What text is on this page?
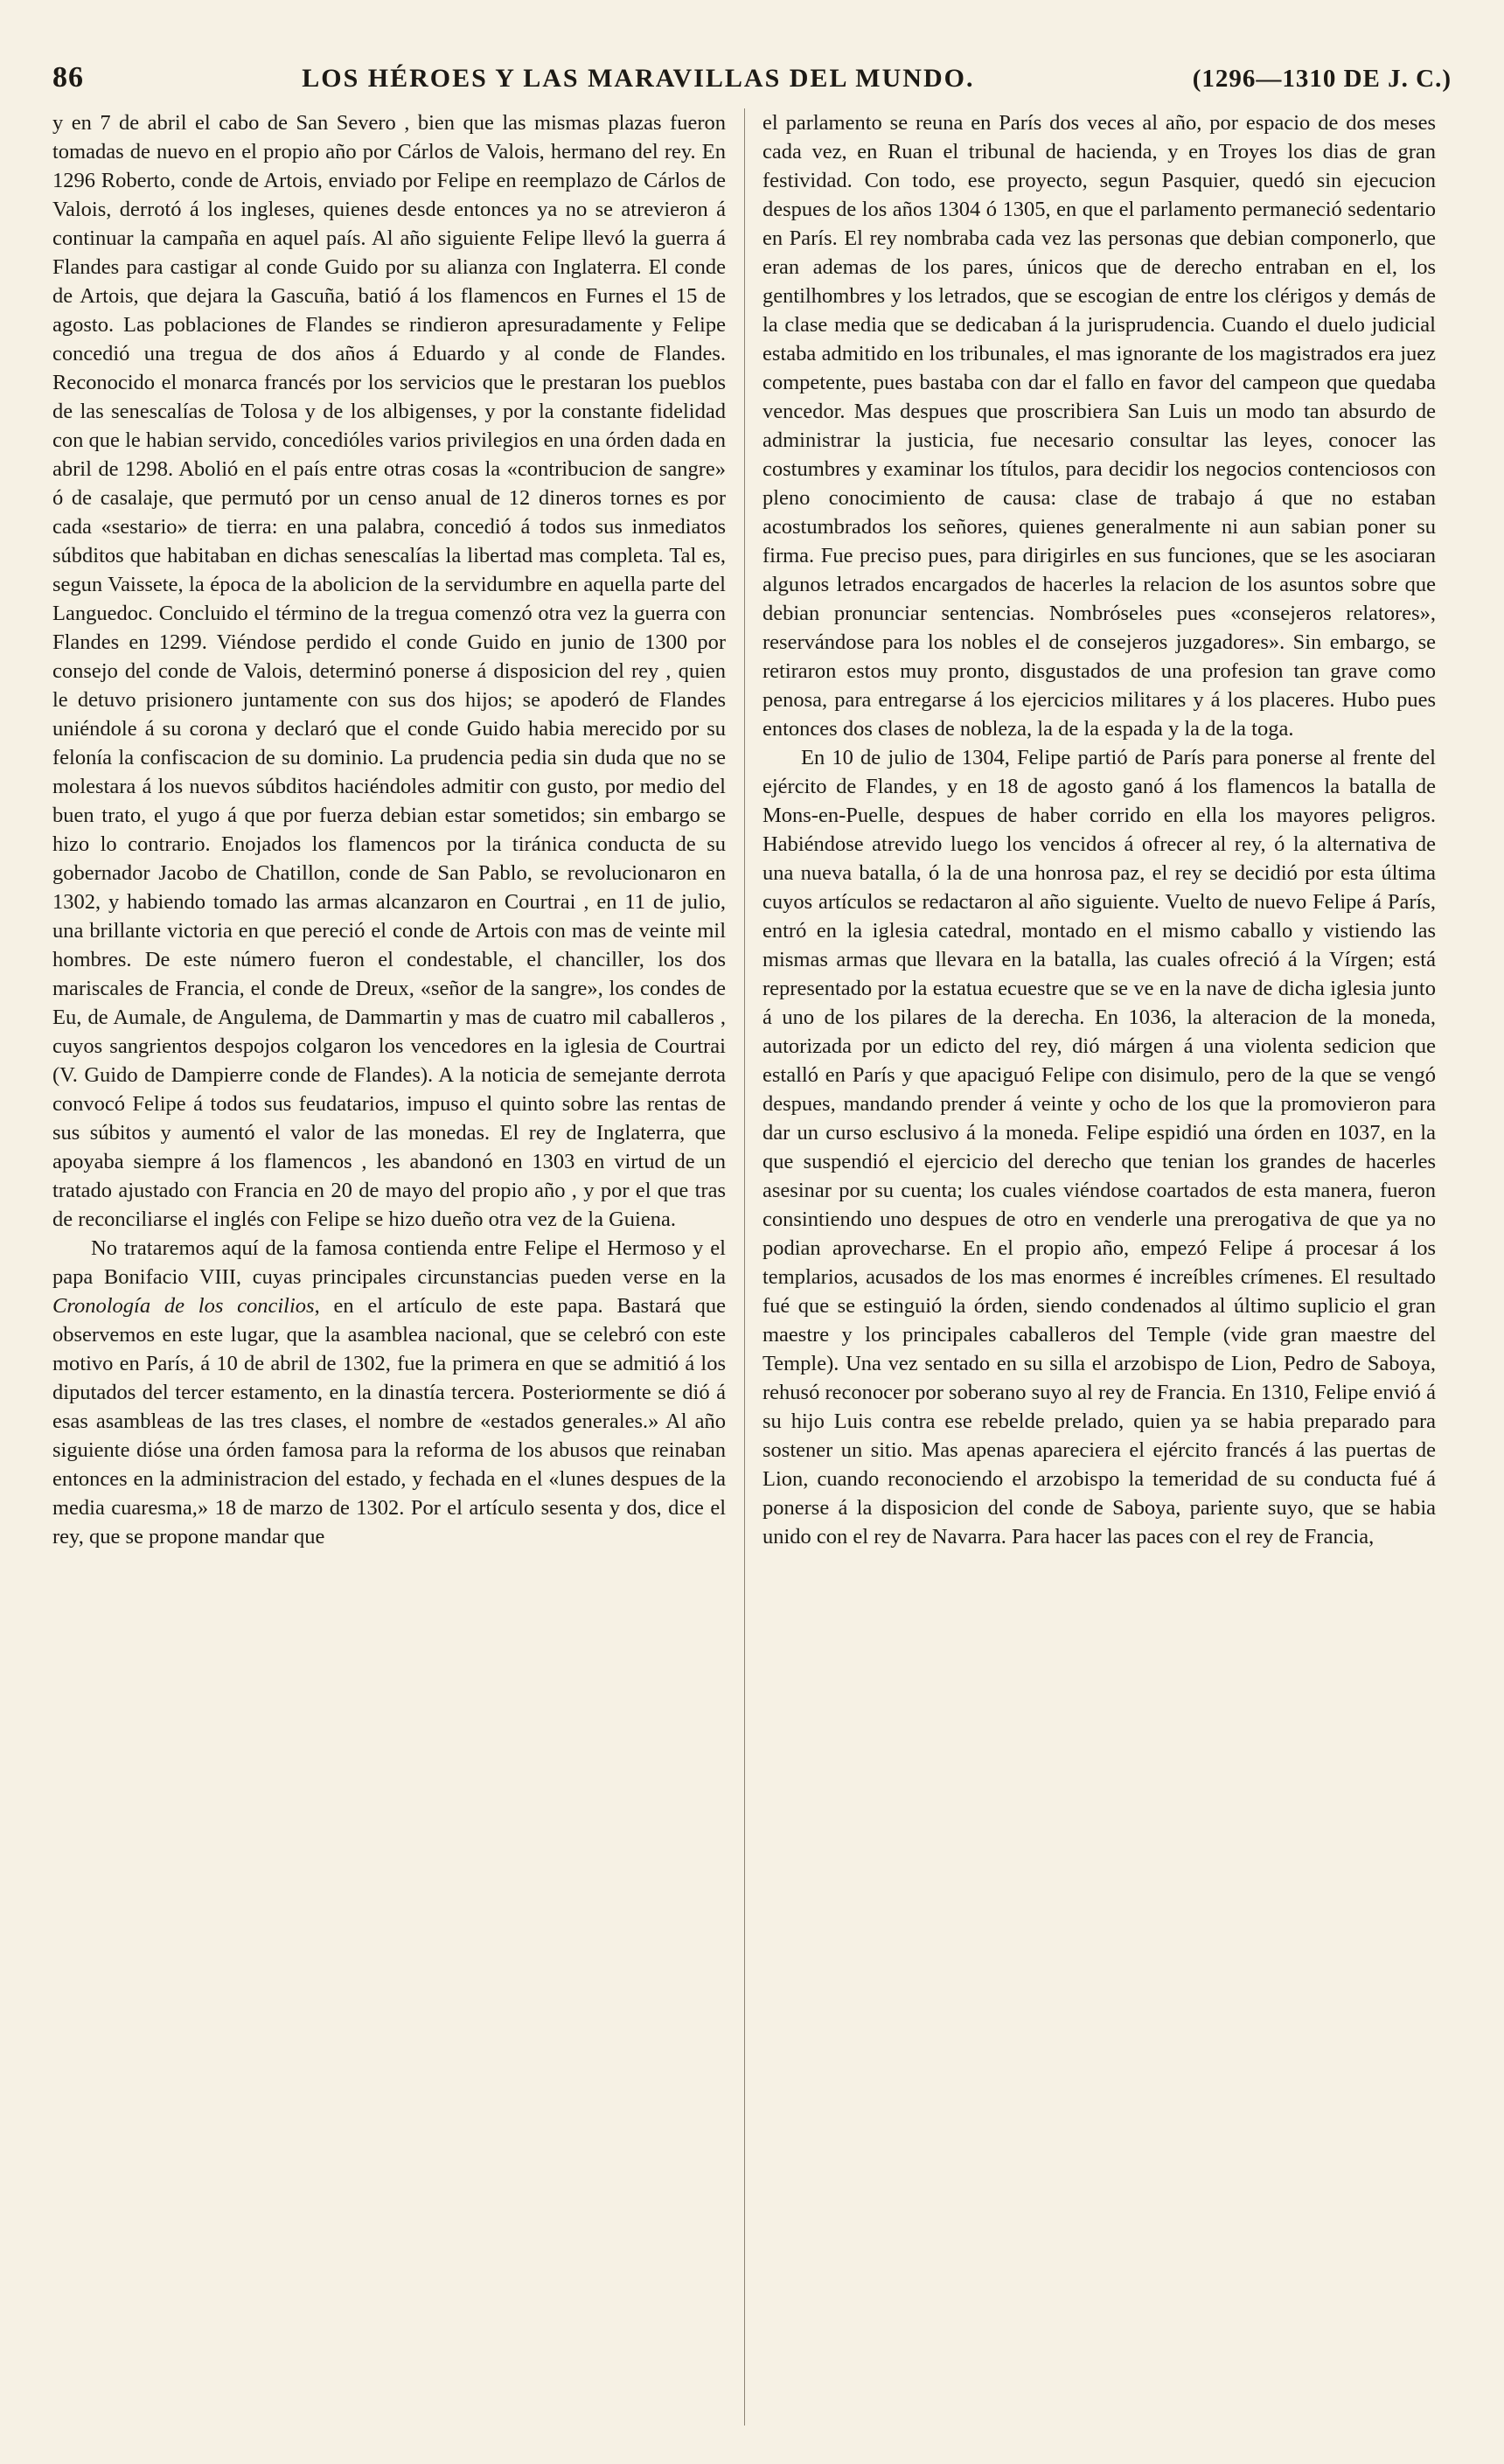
86	LOS HÉROES Y LAS MARAVILLAS DEL MUNDO.	(1296—1310 DE J. C.)

y en 7 de abril el cabo de San Severo , bien que las mismas plazas fueron tomadas de nuevo en el propio año por Cárlos de Valois, hermano del rey. En 1296 Roberto, conde de Artois, enviado por Felipe en reemplazo de Cárlos de Valois, derrotó á los ingleses, quienes desde entonces ya no se atrevieron á continuar la campaña en aquel país. Al año siguiente Felipe llevó la guerra á Flandes para castigar al conde Guido por su alianza con Inglaterra. El conde de Artois, que dejara la Gascuña, batió á los flamencos en Furnes el 15 de agosto. Las poblaciones de Flandes se rindieron apresuradamente y Felipe concedió una tregua de dos años á Eduardo y al conde de Flandes. Reconocido el monarca francés por los servicios que le prestaran los pueblos de las senescalías de Tolosa y de los albigenses, y por la constante fidelidad con que le habian servido, concedióles varios privilegios en una órden dada en abril de 1298. Abolió en el país entre otras cosas la «contribucion de sangre» ó de casalaje, que permutó por un censo anual de 12 dineros tornes es por cada «sestario» de tierra: en una palabra, concedió á todos sus inmediatos súbditos que habitaban en dichas senescalías la libertad mas completa. Tal es, segun Vaissete, la época de la abolicion de la servidumbre en aquella parte del Languedoc. Concluido el término de la tregua comenzó otra vez la guerra con Flandes en 1299. Viéndose perdido el conde Guido en junio de 1300 por consejo del conde de Valois, determinó ponerse á disposicion del rey , quien le detuvo prisionero juntamente con sus dos hijos; se apoderó de Flandes uniéndole á su corona y declaró que el conde Guido habia merecido por su felonía la confiscacion de su dominio. La prudencia pedia sin duda que no se molestara á los nuevos súbditos haciéndoles admitir con gusto, por medio del buen trato, el yugo á que por fuerza debian estar sometidos; sin embargo se hizo lo contrario. Enojados los flamencos por la tiránica conducta de su gobernador Jacobo de Chatillon, conde de San Pablo, se revolucionaron en 1302, y habiendo tomado las armas alcanzaron en Courtrai , en 11 de julio, una brillante victoria en que pereció el conde de Artois con mas de veinte mil hombres. De este número fueron el condestable, el chanciller, los dos mariscales de Francia, el conde de Dreux, «señor de la sangre», los condes de Eu, de Aumale, de Angulema, de Dammartin y mas de cuatro mil caballeros , cuyos sangrientos despojos colgaron los vencedores en la iglesia de Courtrai (V. Guido de Dampierre conde de Flandes). A la noticia de semejante derrota convocó Felipe á todos sus feudatarios, impuso el quinto sobre las rentas de sus súbitos y aumentó el valor de las monedas. El rey de Inglaterra, que apoyaba siempre á los flamencos , les abandonó en 1303 en virtud de un tratado ajustado con Francia en 20 de mayo del propio año , y por el que tras de reconciliarse el inglés con Felipe se hizo dueño otra vez de la Guiena.

No trataremos aquí de la famosa contienda entre Felipe el Hermoso y el papa Bonifacio VIII, cuyas principales circunstancias pueden verse en la Cronología de los concilios, en el artículo de este papa. Bastará que observemos en este lugar, que la asamblea nacional, que se celebró con este motivo en París, á 10 de abril de 1302, fue la primera en que se admitió á los diputados del tercer estamento, en la dinastía tercera. Posteriormente se dió á esas asambleas de las tres clases, el nombre de «estados generales.» Al año siguiente dióse una órden famosa para la reforma de los abusos que reinaban entonces en la administracion del estado, y fechada en el «lunes despues de la media cuaresma,» 18 de marzo de 1302. Por el artículo sesenta y dos, dice el rey, que se propone mandar que

el parlamento se reuna en París dos veces al año, por espacio de dos meses cada vez, en Ruan el tribunal de hacienda, y en Troyes los dias de gran festividad. Con todo, ese proyecto, segun Pasquier, quedó sin ejecucion despues de los años 1304 ó 1305, en que el parlamento permaneció sedentario en París. El rey nombraba cada vez las personas que debian componerlo, que eran ademas de los pares, únicos que de derecho entraban en el, los gentilhombres y los letrados, que se escogian de entre los clérigos y demás de la clase media que se dedicaban á la jurisprudencia. Cuando el duelo judicial estaba admitido en los tribunales, el mas ignorante de los magistrados era juez competente, pues bastaba con dar el fallo en favor del campeon que quedaba vencedor. Mas despues que proscribiera San Luis un modo tan absurdo de administrar la justicia, fue necesario consultar las leyes, conocer las costumbres y examinar los títulos, para decidir los negocios contenciosos con pleno conocimiento de causa: clase de trabajo á que no estaban acostumbrados los señores, quienes generalmente ni aun sabian poner su firma. Fue preciso pues, para dirigirles en sus funciones, que se les asociaran algunos letrados encargados de hacerles la relacion de los asuntos sobre que debian pronunciar sentencias. Nombróseles pues «consejeros relatores», reservándose para los nobles el de consejeros juzgadores». Sin embargo, se retiraron estos muy pronto, disgustados de una profesion tan grave como penosa, para entregarse á los ejercicios militares y á los placeres. Hubo pues entonces dos clases de nobleza, la de la espada y la de la toga.

En 10 de julio de 1304, Felipe partió de París para ponerse al frente del ejército de Flandes, y en 18 de agosto ganó á los flamencos la batalla de Mons-en-Puelle, despues de haber corrido en ella los mayores peligros. Habiéndose atrevido luego los vencidos á ofrecer al rey, ó la alternativa de una nueva batalla, ó la de una honrosa paz, el rey se decidió por esta última cuyos artículos se redactaron al año siguiente. Vuelto de nuevo Felipe á París, entró en la iglesia catedral, montado en el mismo caballo y vistiendo las mismas armas que llevara en la batalla, las cuales ofreció á la Vírgen; está representado por la estatua ecuestre que se ve en la nave de dicha iglesia junto á uno de los pilares de la derecha. En 1036, la alteracion de la moneda, autorizada por un edicto del rey, dió márgen á una violenta sedicion que estalló en París y que apaciguó Felipe con disimulo, pero de la que se vengó despues, mandando prender á veinte y ocho de los que la promovieron para dar un curso esclusivo á la moneda. Felipe espidió una órden en 1037, en la que suspendió el ejercicio del derecho que tenian los grandes de hacerles asesinar por su cuenta; los cuales viéndose coartados de esta manera, fueron consintiendo uno despues de otro en venderle una prerogativa de que ya no podian aprovecharse. En el propio año, empezó Felipe á procesar á los templarios, acusados de los mas enormes é increíbles crímenes. El resultado fué que se estinguió la órden, siendo condenados al último suplicio el gran maestre y los principales caballeros del Temple (vide gran maestre del Temple). Una vez sentado en su silla el arzobispo de Lion, Pedro de Saboya, rehusó reconocer por soberano suyo al rey de Francia. En 1310, Felipe envió á su hijo Luis contra ese rebelde prelado, quien ya se habia preparado para sostener un sitio. Mas apenas apareciera el ejército francés á las puertas de Lion, cuando reconociendo el arzobispo la temeridad de su conducta fué á ponerse á la disposicion del conde de Saboya, pariente suyo, que se habia unido con el rey de Navarra. Para hacer las paces con el rey de Francia,
